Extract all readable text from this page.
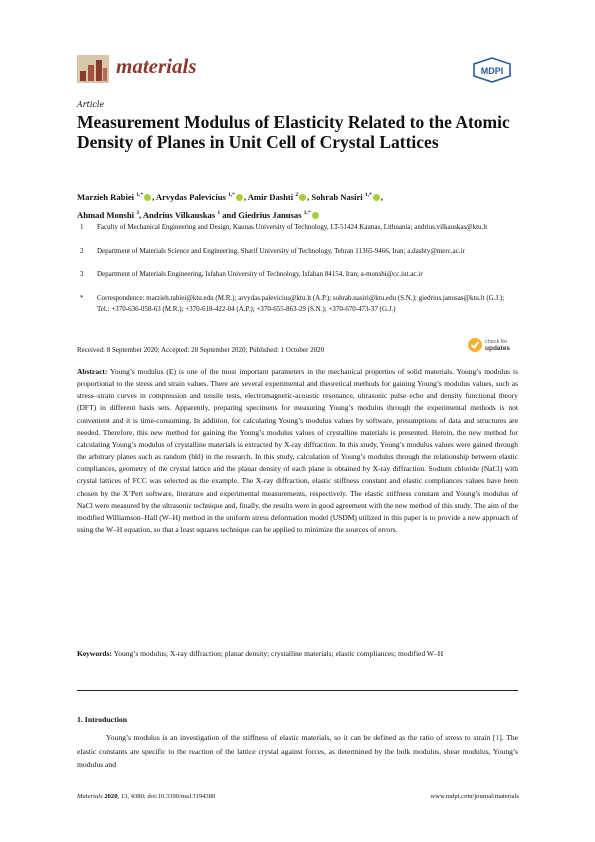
materials	MDPI
Article
Measurement Modulus of Elasticity Related to the Atomic Density of Planes in Unit Cell of Crystal Lattices
Marzieh Rabiei $^{1,*}$ , Arvydas Palevicius $^{1,*}$ , Amir Dashti $^2$ , Sohrab Nasiri $^{1,*}$ ,
Ahmad Monshi $^3$, Andrius Vilkauskas $^1$ and Giedrius Janusas $^{1,*}$
1 Faculty of Mechanical Engineering and Design, Kaunas University of Technology, LT-51424 Kaunas, Lithuania; andrius.vilkauskas@ktu.lt
2 Department of Materials Science and Engineering, Sharif University of Technology, Tehran 11365-9466, Iran; a.dashty@merc.ac.ir
3 Department of Materials Engineering, Isfahan University of Technology, Isfahan 84154, Iran; a-monshi@cc.iut.ac.ir
* Correspondence: marzieh.rabiei@ktu.edu (M.R.); arvydas.palevicius@ktu.lt (A.P.); sohrab.nasiri@ktu.edu (S.N.); giedrius.janusas@ktu.lt (G.J.); Tel.: +370-636-058-63 (M.R.); +370-618-422-04 (A.P.); +370-655-863-29 (S.N.); +370-670-473-37 (G.J.)
Received: 8 September 2020; Accepted: 28 September 2020; Published: 1 October 2020
check for
updates
Abstract: Young’s modulus (E) is one of the most important parameters in the mechanical properties of solid materials. Young’s modulus is proportional to the stress and strain values. There are several experimental and theoretical methods for gaining Young’s modulus values, such as stress–strain curves in compression and tensile tests, electromagnetic-acoustic resonance, ultrasonic pulse echo and density functional theory (DFT) in different basis sets. Apparently, preparing specimens for measuring Young’s modulus through the experimental methods is not convenient and it is time-consuming. In addition, for calculating Young’s modulus values by software, presumptions of data and structures are needed. Therefore, this new method for gaining the Young’s modulus values of crystalline materials is presented. Herein, the new method for calculating Young’s modulus of crystalline materials is extracted by X-ray diffraction. In this study, Young’s modulus values were gained through the arbitrary planes such as random (hkl) in the research. In this study, calculation of Young’s modulus through the relationship between elastic compliances, geometry of the crystal lattice and the planar density of each plane is obtained by X-ray diffraction. Sodium chloride (NaCl) with crystal lattices of FCC was selected as the example. The X-ray diffraction, elastic stiffness constant and elastic compliances values have been chosen by the X’Pert software, literature and experimental measurements, respectively. The elastic stiffness constant and Young’s modulus of NaCl were measured by the ultrasonic technique and, finally, the results were in good agreement with the new method of this study. The aim of the modified Williamson–Hall (W–H) method in the uniform stress deformation model (USDM) utilized in this paper is to provide a new approach of using the W–H equation, so that a least squares technique can be applied to minimize the sources of errors.
Keywords: Young’s modulus; X-ray diffraction; planar density; crystalline materials; elastic compliances; modified W–H
1. Introduction
Young’s modulus is an investigation of the stiffness of elastic materials, so it can be defined as the ratio of stress to strain [1]. The elastic constants are specific to the reaction of the lattice crystal against forces, as determined by the bulk modulus, shear modulus, Young’s modulus and
Materials 2020, 13, 4380; doi:10.3390/ma13194380	www.mdpi.com/journal/materials
